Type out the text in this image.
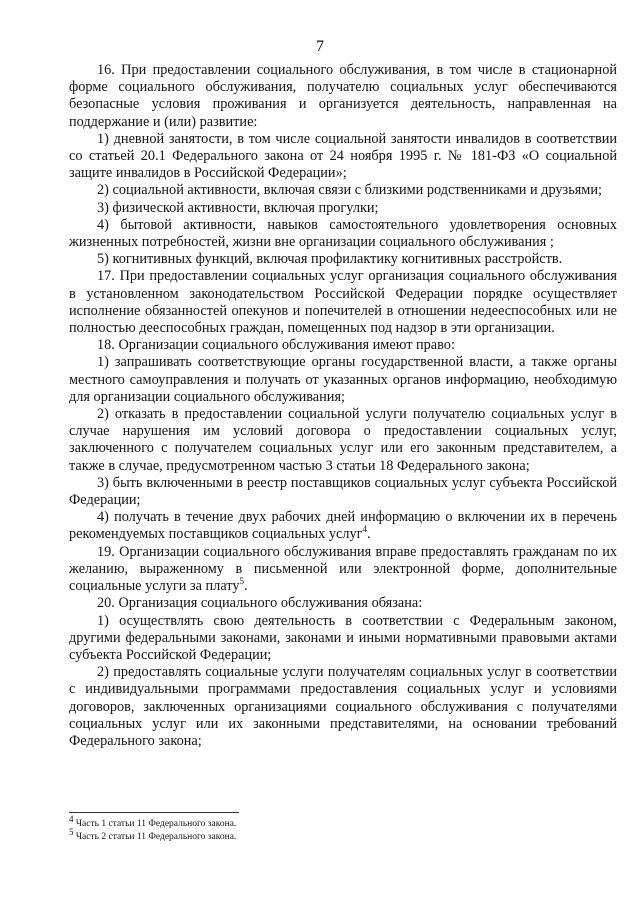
7

16. При предоставлении социального обслуживания, в том числе в стационарной форме социального обслуживания, получателю социальных услуг обеспечиваются безопасные условия проживания и организуется деятельность, направленная на поддержание и (или) развитие:

1) дневной занятости, в том числе социальной занятости инвалидов в соответствии со статьей 20.1 Федерального закона от 24 ноября 1995 г. № 181-ФЗ «О социальной защите инвалидов в Российской Федерации»;

2) социальной активности, включая связи с близкими родственниками и друзьями;

3) физической активности, включая прогулки;

4) бытовой активности, навыков самостоятельного удовлетворения основных жизненных потребностей, жизни вне организации социального обслуживания ;

5) когнитивных функций, включая профилактику когнитивных расстройств.

17. При предоставлении социальных услуг организация социального обслуживания в установленном законодательством Российской Федерации порядке осуществляет исполнение обязанностей опекунов и попечителей в отношении недееспособных или не полностью дееспособных граждан, помещенных под надзор в эти организации.

18. Организации социального обслуживания имеют право:

1) запрашивать соответствующие органы государственной власти, а также органы местного самоуправления и получать от указанных органов информацию, необходимую для организации социального обслуживания;

2) отказать в предоставлении социальной услуги получателю социальных услуг в случае нарушения им условий договора о предоставлении социальных услуг, заключенного с получателем социальных услуг или его законным представителем, а также в случае, предусмотренном частью 3 статьи 18 Федерального закона;

3) быть включенными в реестр поставщиков социальных услуг субъекта Российской Федерации;

4) получать в течение двух рабочих дней информацию о включении их в перечень рекомендуемых поставщиков социальных услуг$^4$.

19. Организации социального обслуживания вправе предоставлять гражданам по их желанию, выраженному в письменной или электронной форме, дополнительные социальные услуги за плату$^5$.

20. Организация социального обслуживания обязана:

1) осуществлять свою деятельность в соответствии с Федеральным законом, другими федеральными законами, законами и иными нормативными правовыми актами субъекта Российской Федерации;

2) предоставлять социальные услуги получателям социальных услуг в соответствии с индивидуальными программами предоставления социальных услуг и условиями договоров, заключенных организациями социального обслуживания с получателями социальных услуг или их законными представителями, на основании требований Федерального закона;

$^4$ Часть 1 статьи 11 Федерального закона.
$^5$ Часть 2 статьи 11 Федерального закона.
